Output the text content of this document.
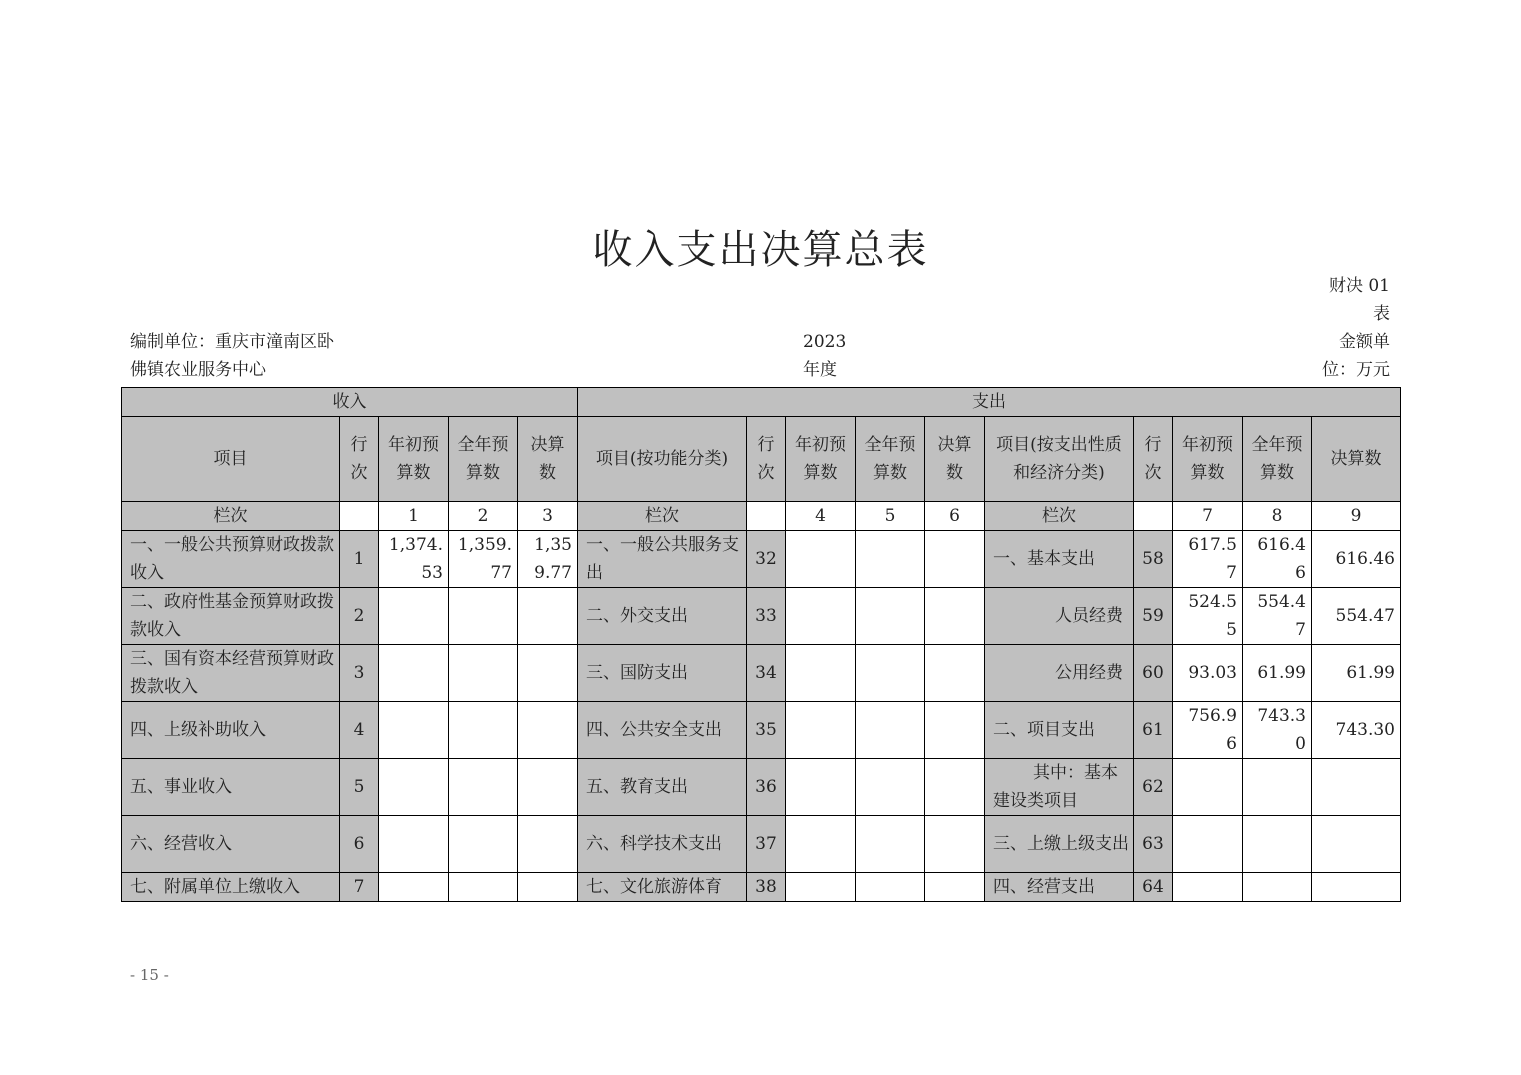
收入支出决算总表
财决 01 表
编制单位：重庆市潼南区卧佛镇农业服务中心
2023 年度
金额单位：万元
收入					支出									
项目	行次	年初预算数	全年预算数	决算数	项目(按功能分类)	行次	年初预算数	全年预算数	决算数	项目(按支出性质和经济分类)	行次	年初预算数	全年预算数	决算数
栏次		1	2	3	栏次		4	5	6	栏次		7	8	9
一、一般公共预算财政拨款收入	1	1,374.53	1,359.77	1,359.77	一、一般公共服务支出	32				一、基本支出	58	617.57	616.46	616.46
二、政府性基金预算财政拨款收入	2				二、外交支出	33				人员经费	59	524.55	554.47	554.47
三、国有资本经营预算财政拨款收入	3				三、国防支出	34				公用经费	60	93.03	61.99	61.99
四、上级补助收入	4				四、公共安全支出	35				二、项目支出	61	756.96	743.30	743.30
五、事业收入	5				五、教育支出	36				其中：基本建设类项目	62			
六、经营收入	6				六、科学技术支出	37				三、上缴上级支出	63			
七、附属单位上缴收入	7				七、文化旅游体育	38				四、经营支出	64			
- 15 -
